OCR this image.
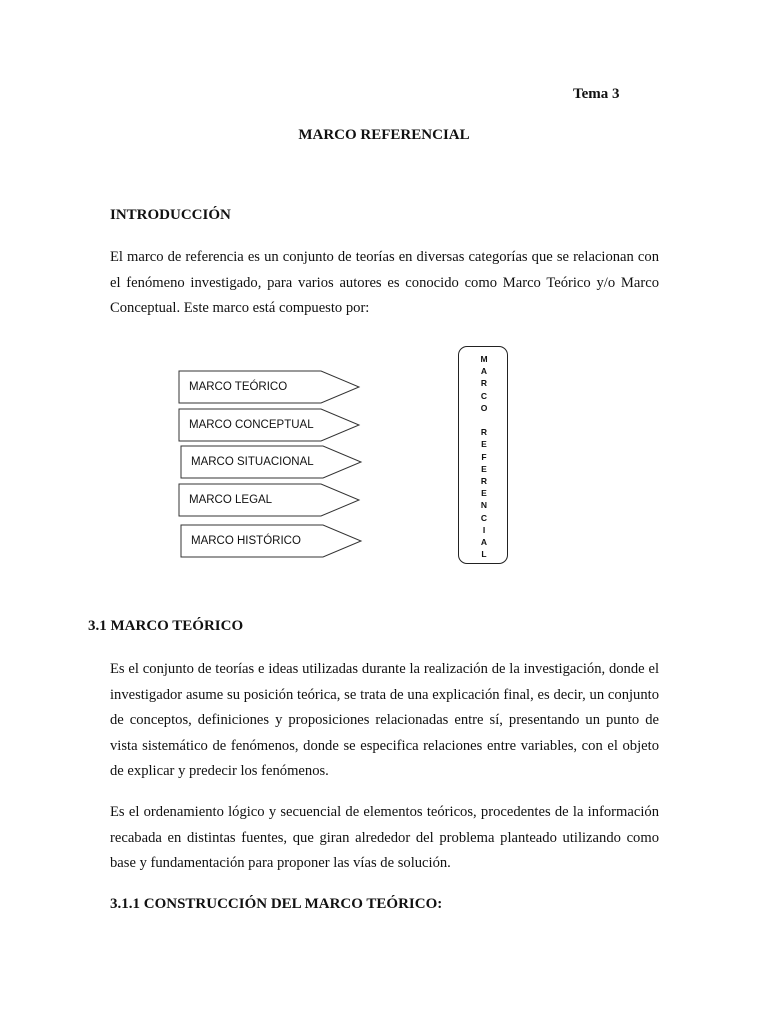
Tema 3
MARCO REFERENCIAL
INTRODUCCIÓN
El marco de referencia es un conjunto de teorías en diversas categorías que se relacionan con el fenómeno investigado, para varios autores es conocido como Marco Teórico y/o Marco Conceptual. Este marco está compuesto por:
MARCO TEÓRICO
MARCO CONCEPTUAL
MARCO SITUACIONAL
MARCO LEGAL
MARCO HISTÓRICO
M
A
R
C
O

R
E
F
E
R
E
N
C
I
A
L
3.1 MARCO TEÓRICO
Es el conjunto de teorías e ideas utilizadas durante la realización de la investigación, donde el investigador asume su posición teórica, se trata de una explicación final, es decir, un conjunto de conceptos, definiciones y proposiciones relacionadas entre sí, presentando un punto de vista sistemático de fenómenos, donde se especifica relaciones entre variables, con el objeto de explicar y predecir los fenómenos.
Es el ordenamiento lógico y secuencial de elementos teóricos, procedentes de la información recabada en distintas fuentes, que giran alrededor del problema planteado utilizando como base y fundamentación para proponer las vías de solución.
3.1.1 CONSTRUCCIÓN DEL MARCO TEÓRICO:
